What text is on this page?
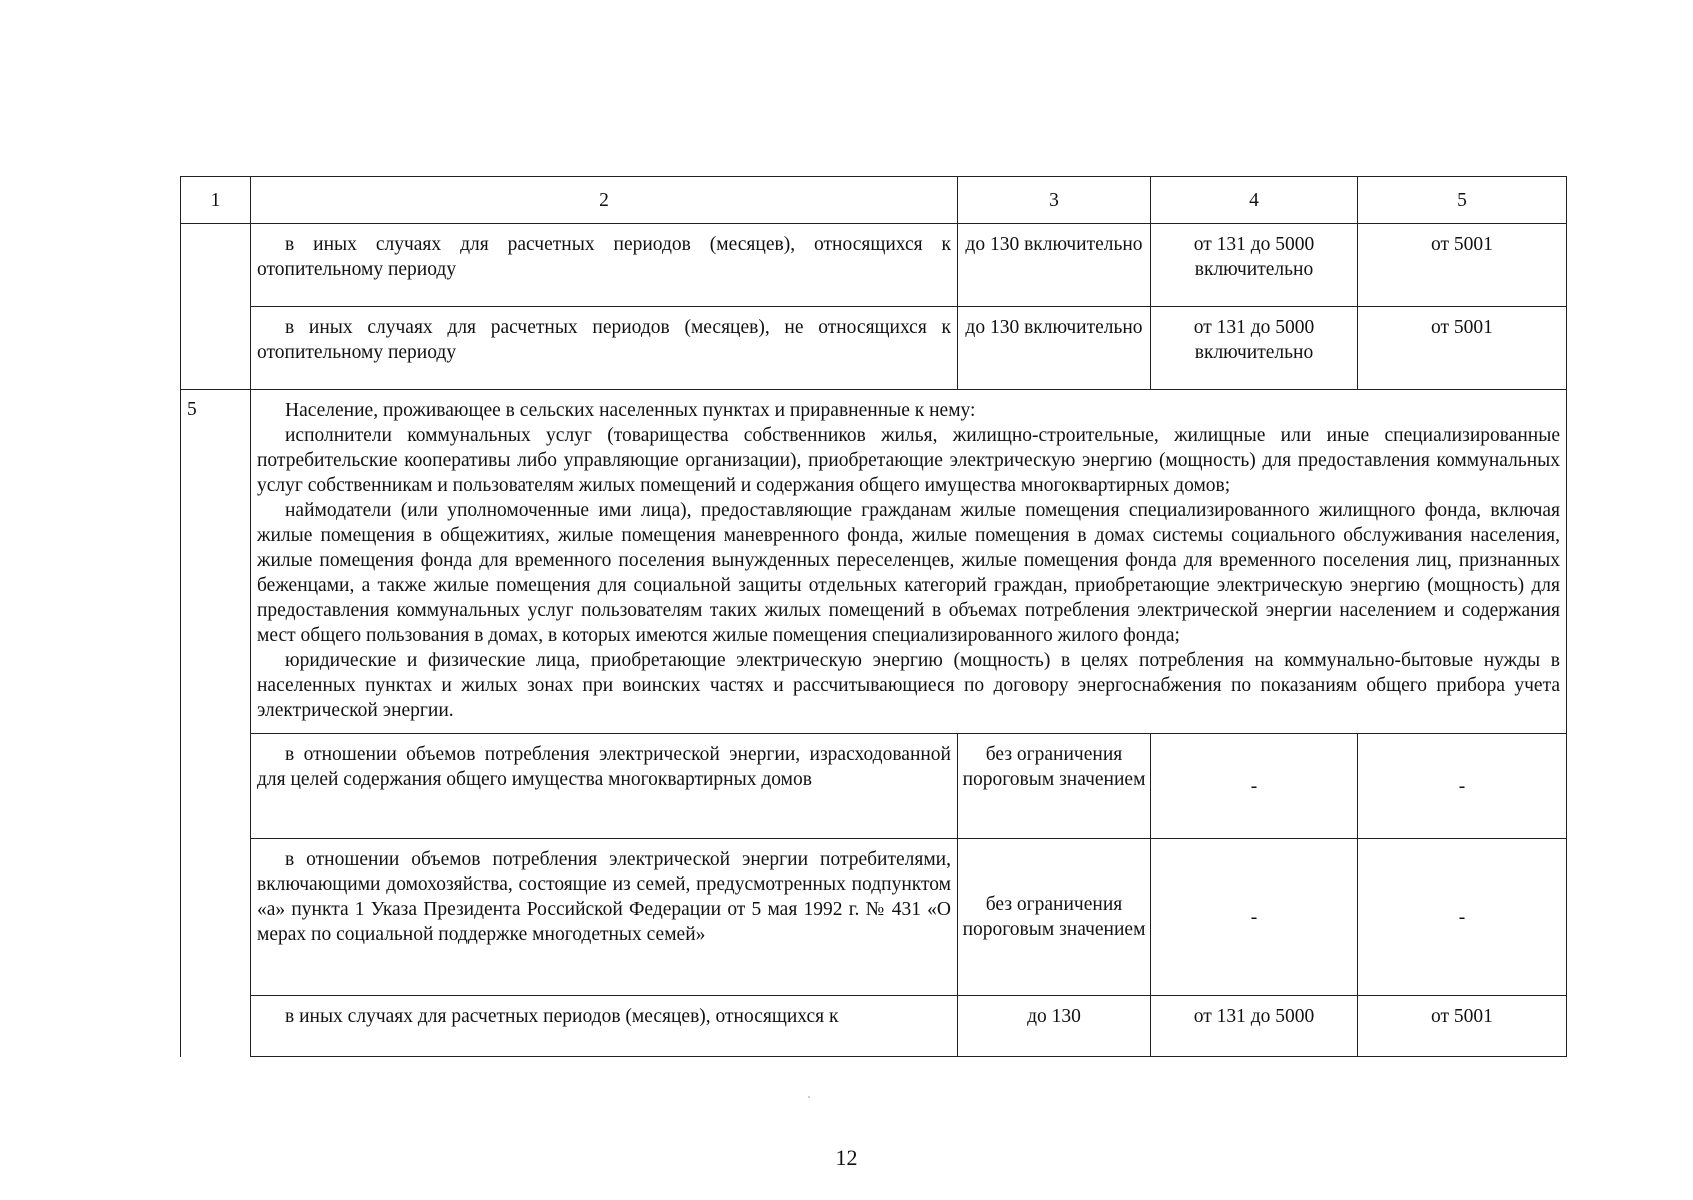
1	2	3	4	5

	в иных случаях для расчетных периодов (месяцев), относящихся к отопительному периоду	до 130 включительно	от 131 до 5000 включительно	от 5001

	в иных случаях для расчетных периодов (месяцев), не относящихся к отопительному периоду	до 130 включительно	от 131 до 5000 включительно	от 5001
5	Население, проживающее в сельских населенных пунктах и приравненные к нему:

исполнители коммунальных услуг (товарищества собственников жилья, жилищно-строительные, жилищные или иные специализированные потребительские кооперативы либо управляющие организации), приобретающие электрическую энергию (мощность) для предоставления коммунальных услуг собственникам и пользователям жилых помещений и содержания общего имущества многоквартирных домов;

наймодатели (или уполномоченные ими лица), предоставляющие гражданам жилые помещения специализированного жилищного фонда, включая жилые помещения в общежитиях, жилые помещения маневренного фонда, жилые помещения в домах системы социального обслуживания населения, жилые помещения фонда для временного поселения вынужденных переселенцев, жилые помещения фонда для временного поселения лиц, признанных беженцами, а также жилые помещения для социальной защиты отдельных категорий граждан, приобретающие электрическую энергию (мощность) для предоставления коммунальных услуг пользователям таких жилых помещений в объемах потребления электрической энергии населением и содержания мест общего пользования в домах, в которых имеются жилые помещения специализированного жилого фонда;

юридические и физические лица, приобретающие электрическую энергию (мощность) в целях потребления на коммунально-бытовые нужды в населенных пунктах и жилых зонах при воинских частях и рассчитывающиеся по договору энергоснабжения по показаниям общего прибора учета электрической энергии.			

	в отношении объемов потребления электрической энергии, израсходованной для целей содержания общего имущества многоквартирных домов	без ограничения пороговым значением	-	-

	в отношении объемов потребления электрической энергии потребителями, включающими домохозяйства, состоящие из семей, предусмотренных подпунктом «а» пункта 1 Указа Президента Российской Федерации от 5 мая 1992 г. № 431 «О мерах по социальной поддержке многодетных семей»	без ограничения пороговым значением	-	-

	в иных случаях для расчетных периодов (месяцев), относящихся к	до 130	от 131 до 5000	от 5001
12
